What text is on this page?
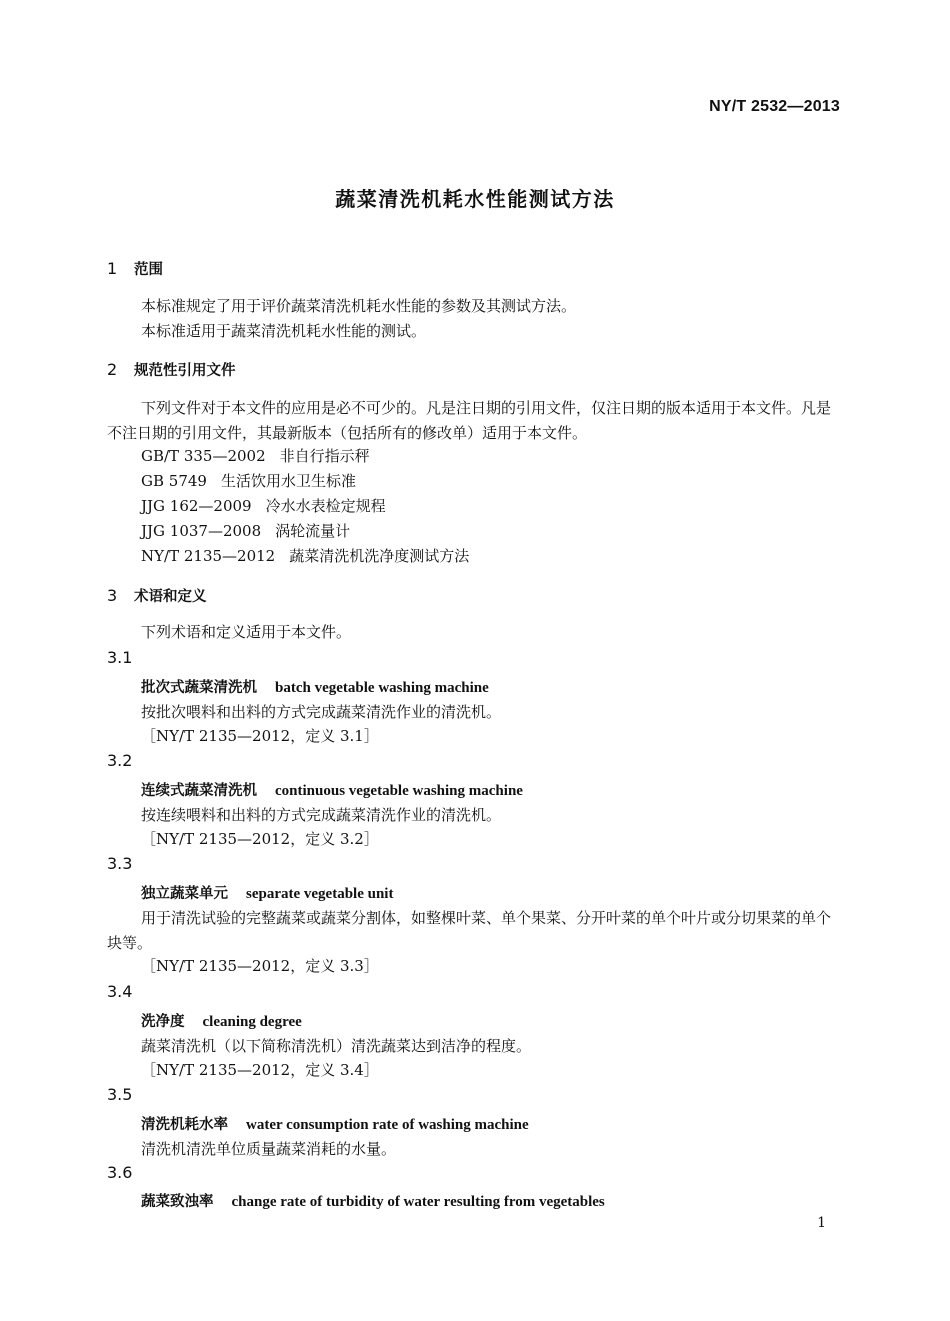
NY/T 2532—2013
蔬菜清洗机耗水性能测试方法
1 范围
本标准规定了用于评价蔬菜清洗机耗水性能的参数及其测试方法。
本标准适用于蔬菜清洗机耗水性能的测试。
2 规范性引用文件
下列文件对于本文件的应用是必不可少的。凡是注日期的引用文件，仅注日期的版本适用于本文件。凡是不注日期的引用文件，其最新版本（包括所有的修改单）适用于本文件。
GB/T 335—2002 非自行指示秤
GB 5749 生活饮用水卫生标准
JJG 162—2009 冷水水表检定规程
JJG 1037—2008 涡轮流量计
NY/T 2135—2012 蔬菜清洗机洗净度测试方法
3 术语和定义
下列术语和定义适用于本文件。
3.1
批次式蔬菜清洗机 batch vegetable washing machine
按批次喂料和出料的方式完成蔬菜清洗作业的清洗机。
［NY/T 2135—2012，定义 3.1］
3.2
连续式蔬菜清洗机 continuous vegetable washing machine
按连续喂料和出料的方式完成蔬菜清洗作业的清洗机。
［NY/T 2135—2012，定义 3.2］
3.3
独立蔬菜单元 separate vegetable unit
用于清洗试验的完整蔬菜或蔬菜分割体，如整棵叶菜、单个果菜、分开叶菜的单个叶片或分切果菜的单个块等。
［NY/T 2135—2012，定义 3.3］
3.4
洗净度 cleaning degree
蔬菜清洗机（以下简称清洗机）清洗蔬菜达到洁净的程度。
［NY/T 2135—2012，定义 3.4］
3.5
清洗机耗水率 water consumption rate of washing machine
清洗机清洗单位质量蔬菜消耗的水量。
3.6
蔬菜致浊率 change rate of turbidity of water resulting from vegetables
1
